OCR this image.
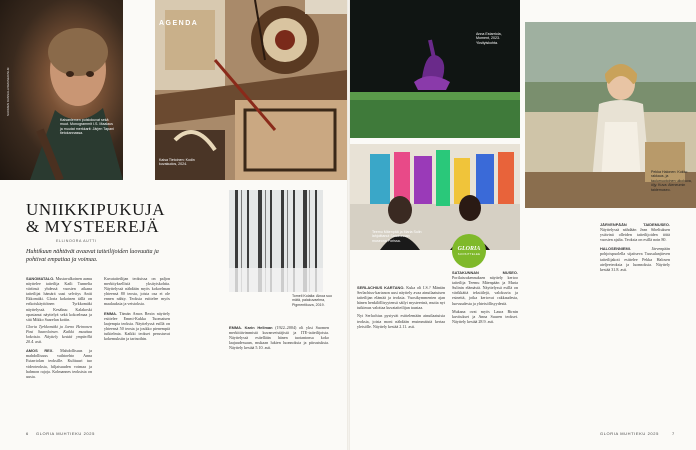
SUOMEN KANSALLISMUSEO/SLM
Kaisaniemen puistokuvat sekä muut. Monogrammit I.S. Maalaus ja muutat merkkarit: Järjen Tapani tietokannassa.
AGENDA
Kaisa Tietoinen: Kodin kuvakudos, 2024.
UNIIKKIPUKUJA
& MYSTEEREJÄ
ELLINOORA AUTTI
Huhtikuun nähtävät avaavat taiteilijoiden luovuutta ja pohtivat empatiaa ja voimaa.
Tomeli Kolalla: Ainoa suo mätä, palakuvaelma, Pigmentikuva, 2019.

SANOMATALO. Mustavalkoinen aamu näyttelee taiteilija Kaili Tunnelia väriinsä yhdessä vuosien aikana taiteilijat hämärä uusi selvitys Antti Ekkomäki. Gloria kokoinen tällä on erikoiskäyttöinen Tyrkkomäki näyttelyssä. Kesäkuu Kalakoski opastanut näyttelyä sekä kokoelmaa ja sitä Mikko Saarelan kotiin.

Gloria Tyrkkomäki ja Jarno Heinonen Pasi Saarelainen. Kaikki muuttaa kokoisia. Näyttely kestää ympärillä 20.4. asti.

AMOS REX. Mahdollisuus ja mahdollisuus vaihtoehto Anna Estarriolan teoksille. Kulttuuri tuo videoteoksia, hiljaisuuden voimaa ja hahmon rajoja. Kolmannes teoksista on uusia.

Kuvataiteilijan teoksissa on paljon merkityksellisiä yksityiskohtia. Näyttelyssä nähdään myös kokoelman yhteensä 80 teosta, joista osa ei ole ennen nähty. Teoksia esittelee myös maalauksia ja veistoksia.

EMMA. Tämän Amos Rexin näyttely esittelee Emmi-Kukka Tuomaisen laajempia teoksia. Näyttelyssä esillä on yhteensä 50 teosta ja joukko pienempiä tutkielmia. Kaikki teokset perustuvat kokemuksiin ja tarinoihin.

EMMA. Karin Hellman (1922–2004) oli yksi Suomen merkittävimmistä kuvanveistäjistä ja ITE-taiteilijoista. Näyttelyssä esitellään hänen tuotantonsa koko laajuudessaan, mukaan lukien luonnoksia ja piirustuksia. Näyttely kestää 5.10. asti.

6 GLORIA MUHTIEKU 2025
Anna Estarriola, Moment, 2023. Yksityiskohta.
Pekka Halonen: Kukko rakkaus, ja taulumuotoinen ulkokuva, öljy. Kuva: Ateneumin taidemuseo.
Teemu Mäenpää ja Maria Sulin lahjoittanut Satakunnan museona Porissa.
GLORIA
SUOSITTELEE

SERLACHIUS KARTANO. Kuka oli I.S.? Mäntän Serlachius-kartanon uusi näyttely avaa ainutlaatuisen taiteilijan elämää ja teoksia. Vuosikymmenten ajan hänen henkilöllisyytensä säilyi mysteerinä, mutta nyt tutkimus valottaa kuvataiteilijan taustaa.

Nyt Serlachius pystyvät esittelemään ainutlaatuisia teoksia, joista moni nähdään ensimmäistä kertaa yleisölle. Näyttely kestää 2.11. asti.

SATAKUNNAN MUSEO. Porilaisrakennuksen näyttely kertoo taiteilija Teemu Mäenpään ja Maria Sulinin elämästä. Näyttelyssä esillä on värikkäitä tekstiilejä, valokuvia ja esineitä, jotka kertovat rakkaudesta, luovuudesta ja yhteisöllisyydestä.

Mukana ovat myös Laura Birnin kuvitukset ja Anna Suuren teokset. Näyttely kestää 28.9. asti.

JÄRVENPÄÄN TAIDEMUSEO. Näyttelyssä nähdään Jean Sibeliuksen ystävinä olleiden taiteilijoiden töitä vuosien ajalta. Teoksia on esillä noin 80.

HALOSENNIEMI.	Järvenpään pohjoispuolella sijaitseva Tuusulanjärven taiteilijakoti esittelee Pekka Halosen ateljeeteoksia ja luonnoksia. Näyttely kestää 31.8. asti.

GLORIA MUHTIEKU 2025	7
